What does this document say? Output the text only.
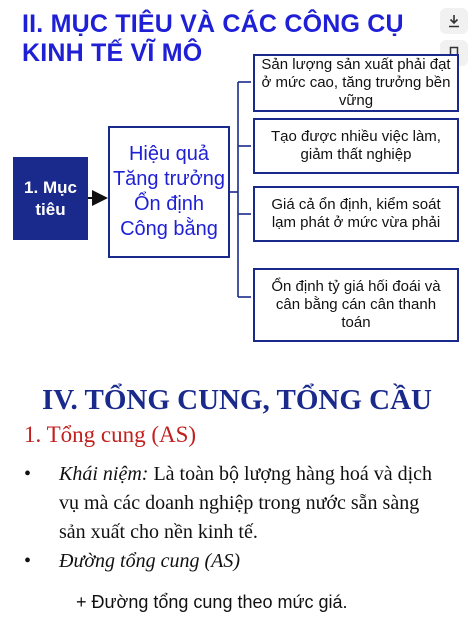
II. MỤC TIÊU VÀ CÁC CÔNG CỤ
KINH TẾ VĨ MÔ
1. Mục
tiêu
Hiệu quả
Tăng trưởng
Ổn định
Công bằng
Sản lượng sản xuất phải đạt ở mức cao, tăng trưởng bền vững
Tạo được nhiều việc làm, giảm thất nghiệp
Giá cả ổn định, kiểm soát lạm phát ở mức vừa phải
Ổn định tỷ giá hối đoái và cân bằng cán cân thanh toán
IV. TỔNG CUNG, TỔNG CẦU
1. Tổng cung (AS)
• Khái niệm: Là toàn bộ lượng hàng hoá và dịch
vụ mà các doanh nghiệp trong nước sẵn sàng
sản xuất cho nền kinh tế.
• Đường tổng cung (AS)
+ Đường tổng cung theo mức giá.
